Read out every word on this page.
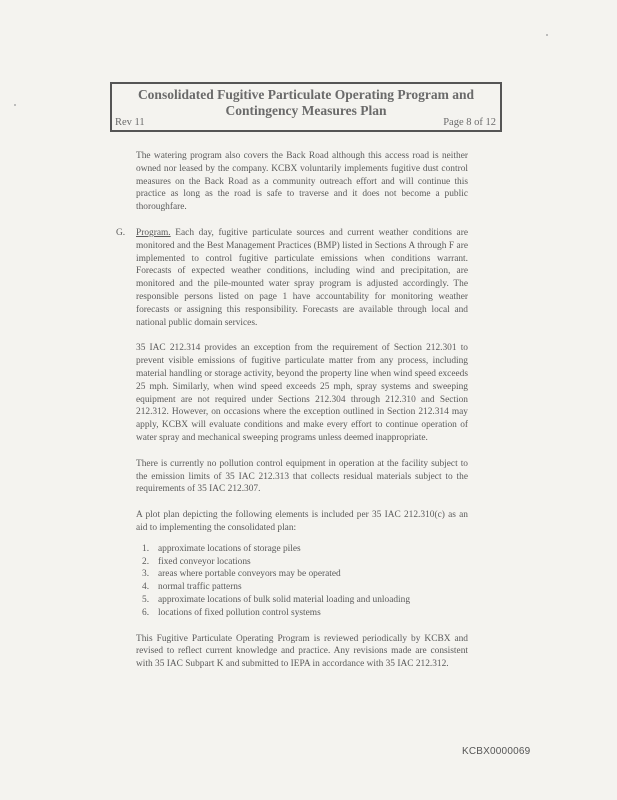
Consolidated Fugitive Particulate Operating Program and
Contingency Measures Plan
Rev 11	Page 8 of 12

The watering program also covers the Back Road although this access road is neither owned nor leased by the company. KCBX voluntarily implements fugitive dust control measures on the Back Road as a community outreach effort and will continue this practice as long as the road is safe to traverse and it does not become a public thoroughfare.

G. Program. Each day, fugitive particulate sources and current weather conditions are monitored and the Best Management Practices (BMP) listed in Sections A through F are implemented to control fugitive particulate emissions when conditions warrant. Forecasts of expected weather conditions, including wind and precipitation, are monitored and the pile-mounted water spray program is adjusted accordingly. The responsible persons listed on page 1 have accountability for monitoring weather forecasts or assigning this responsibility. Forecasts are available through local and national public domain services.

35 IAC 212.314 provides an exception from the requirement of Section 212.301 to prevent visible emissions of fugitive particulate matter from any process, including material handling or storage activity, beyond the property line when wind speed exceeds 25 mph. Similarly, when wind speed exceeds 25 mph, spray systems and sweeping equipment are not required under Sections 212.304 through 212.310 and Section 212.312. However, on occasions where the exception outlined in Section 212.314 may apply, KCBX will evaluate conditions and make every effort to continue operation of water spray and mechanical sweeping programs unless deemed inappropriate.

There is currently no pollution control equipment in operation at the facility subject to the emission limits of 35 IAC 212.313 that collects residual materials subject to the requirements of 35 IAC 212.307.

A plot plan depicting the following elements is included per 35 IAC 212.310(c) as an aid to implementing the consolidated plan:

1. approximate locations of storage piles
2. fixed conveyor locations
3. areas where portable conveyors may be operated
4. normal traffic patterns
5. approximate locations of bulk solid material loading and unloading
6. locations of fixed pollution control systems

This Fugitive Particulate Operating Program is reviewed periodically by KCBX and revised to reflect current knowledge and practice. Any revisions made are consistent with 35 IAC Subpart K and submitted to IEPA in accordance with 35 IAC 212.312.

KCBX0000069
